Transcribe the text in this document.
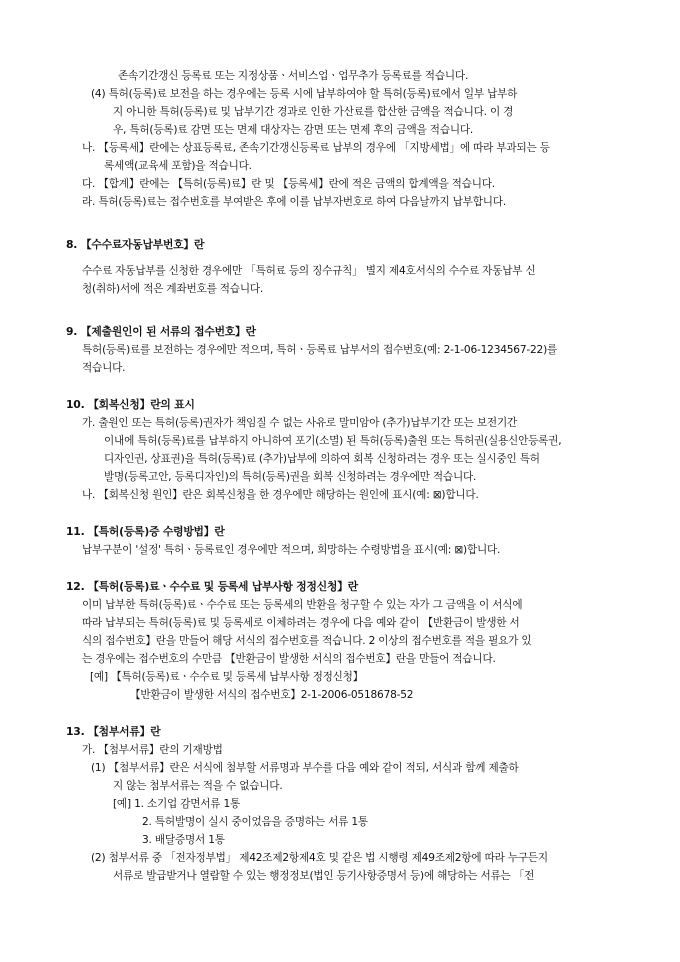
존속기간갱신 등록료 또는 지정상품ㆍ서비스업ㆍ업무추가 등록료를 적습니다.
(4) 특허(등록)료 보전을 하는 경우에는 등록 시에 납부하여야 할 특허(등록)료에서 일부 납부하
지 아니한 특허(등록)료 및 납부기간 경과로 인한 가산료를 합산한 금액을 적습니다. 이 경
우, 특허(등록)료 감면 또는 면제 대상자는 감면 또는 면제 후의 금액을 적습니다.
나. 【등록세】란에는 상표등록료, 존속기간갱신등록료 납부의 경우에 「지방세법」에 따라 부과되는 등
록세액(교육세 포함)을 적습니다.
다. 【합계】란에는 【특허(등록)료】란 및 【등록세】란에 적은 금액의 합계액을 적습니다.
라. 특허(등록)료는 접수번호를 부여받은 후에 이를 납부자번호로 하여 다음날까지 납부합니다.
8. 【수수료자동납부번호】란
수수료 자동납부를 신청한 경우에만 「특허료 등의 징수규칙」 별지 제4호서식의 수수료 자동납부 신
청(취하)서에 적은 계좌번호를 적습니다.
9. 【제출원인이 된 서류의 접수번호】란
특허(등록)료를 보전하는 경우에만 적으며, 특허ㆍ등록료 납부서의 접수번호(예: 2-1-06-1234567-22)를
적습니다.
10. 【회복신청】란의 표시
가. 출원인 또는 특허(등록)권자가 책임질 수 없는 사유로 말미암아 (추가)납부기간 또는 보전기간
이내에 특허(등록)료를 납부하지 아니하여 포기(소멸) 된 특허(등록)출원 또는 특허권(실용신안등록권,
디자인권, 상표권)을 특허(등록)료 (추가)납부에 의하여 회복 신청하려는 경우 또는 실시중인 특허
발명(등록고안, 등록디자인)의 특허(등록)권을 회복 신청하려는 경우에만 적습니다.
나. 【회복신청 원인】란은 회복신청을 한 경우에만 해당하는 원인에 표시(예: ⊠)합니다.
11. 【특허(등록)증 수령방법】란
납부구분이 '설정' 특허ㆍ등록료인 경우에만 적으며, 희망하는 수령방법을 표시(예: ⊠)합니다.
12. 【특허(등록)료ㆍ수수료 및 등록세 납부사항 정정신청】란
이미 납부한 특허(등록)료ㆍ수수료 또는 등록세의 반환을 청구할 수 있는 자가 그 금액을 이 서식에
따라 납부되는 특허(등록)료 및 등록세로 이체하려는 경우에 다음 예와 같이 【반환금이 발생한 서
식의 접수번호】란을 만들어 해당 서식의 접수번호를 적습니다. 2 이상의 접수번호를 적을 필요가 있
는 경우에는 접수번호의 수만큼 【반환금이 발생한 서식의 접수번호】란을 만들어 적습니다.
[예] 【특허(등록)료ㆍ수수료 및 등록세 납부사항 정정신청】
【반환금이 발생한 서식의 접수번호】2-1-2006-0518678-52
13. 【첨부서류】란
가. 【첨부서류】란의 기재방법
(1) 【첨부서류】란은 서식에 첨부할 서류명과 부수를 다음 예와 같이 적되, 서식과 함께 제출하
지 않는 첨부서류는 적을 수 없습니다.
[예] 1. 소기업 감면서류 1통
2. 특허발명이 실시 중이었음을 증명하는 서류 1통
3. 배달증명서 1통
(2) 첨부서류 중 「전자정부법」 제42조제2항제4호 및 같은 법 시행령 제49조제2항에 따라 누구든지
서류로 발급받거나 열람할 수 있는 행정정보(법인 등기사항증명서 등)에 해당하는 서류는 「전
